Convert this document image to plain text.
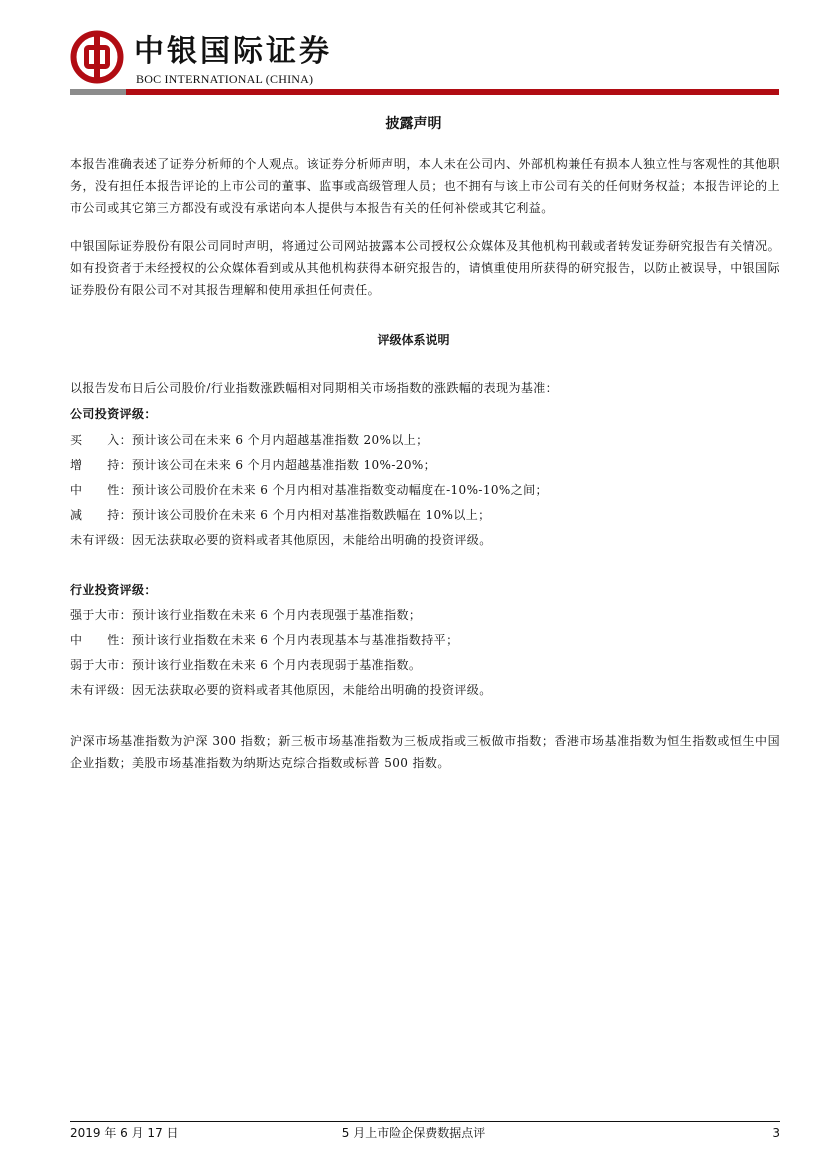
中银国际证券
BOC INTERNATIONAL (CHINA)
披露声明

本报告准确表述了证券分析师的个人观点。该证券分析师声明，本人未在公司内、外部机构兼任有损本人独立性与客观性的其他职务，没有担任本报告评论的上市公司的董事、监事或高级管理人员；也不拥有与该上市公司有关的任何财务权益；本报告评论的上市公司或其它第三方都没有或没有承诺向本人提供与本报告有关的任何补偿或其它利益。

中银国际证券股份有限公司同时声明，将通过公司网站披露本公司授权公众媒体及其他机构刊载或者转发证券研究报告有关情况。如有投资者于未经授权的公众媒体看到或从其他机构获得本研究报告的，请慎重使用所获得的研究报告，以防止被误导，中银国际证券股份有限公司不对其报告理解和使用承担任何责任。

评级体系说明
以报告发布日后公司股价/行业指数涨跌幅相对同期相关市场指数的涨跌幅的表现为基准：
公司投资评级：
买　　入：预计该公司在未来 6 个月内超越基准指数 20%以上；
增　　持：预计该公司在未来 6 个月内超越基准指数 10%-20%；
中　　性：预计该公司股价在未来 6 个月内相对基准指数变动幅度在-10%-10%之间；
减　　持：预计该公司股价在未来 6 个月内相对基准指数跌幅在 10%以上；
未有评级：因无法获取必要的资料或者其他原因，未能给出明确的投资评级。
行业投资评级：
强于大市：预计该行业指数在未来 6 个月内表现强于基准指数；
中　　性：预计该行业指数在未来 6 个月内表现基本与基准指数持平；
弱于大市：预计该行业指数在未来 6 个月内表现弱于基准指数。
未有评级：因无法获取必要的资料或者其他原因，未能给出明确的投资评级。

沪深市场基准指数为沪深 300 指数；新三板市场基准指数为三板成指或三板做市指数；香港市场基准指数为恒生指数或恒生中国企业指数；美股市场基准指数为纳斯达克综合指数或标普 500 指数。

2019 年 6 月 17 日	5 月上市险企保费数据点评	3
